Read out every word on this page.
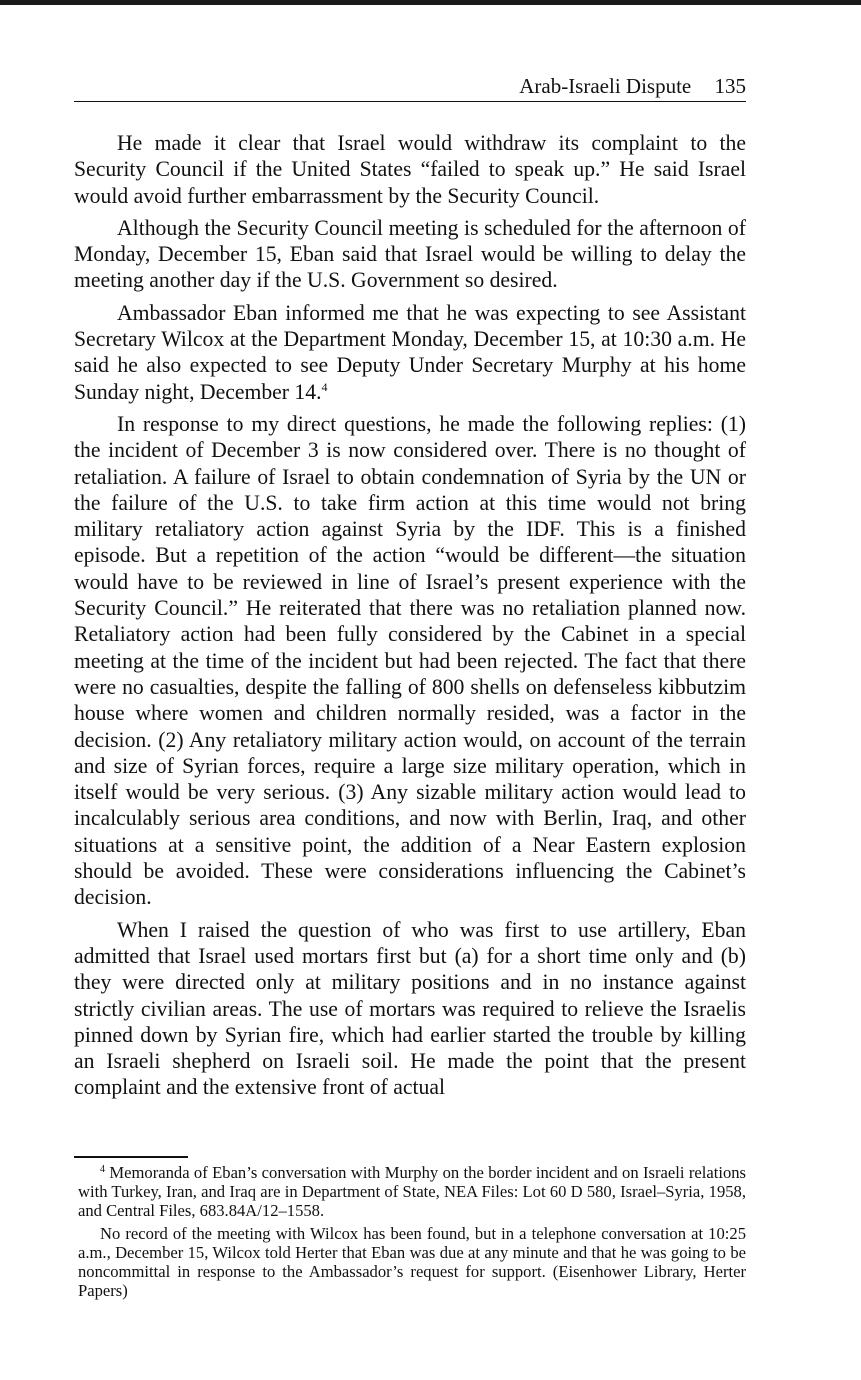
Arab-Israeli Dispute 135

He made it clear that Israel would withdraw its complaint to the Security Council if the United States “failed to speak up.” He said Israel would avoid further embarrassment by the Security Council.

Although the Security Council meeting is scheduled for the afternoon of Monday, December 15, Eban said that Israel would be willing to delay the meeting another day if the U.S. Government so desired.

Ambassador Eban informed me that he was expecting to see Assistant Secretary Wilcox at the Department Monday, December 15, at 10:30 a.m. He said he also expected to see Deputy Under Secretary Murphy at his home Sunday night, December 14.$^4$

In response to my direct questions, he made the following replies: (1) the incident of December 3 is now considered over. There is no thought of retaliation. A failure of Israel to obtain condemnation of Syria by the UN or the failure of the U.S. to take firm action at this time would not bring military retaliatory action against Syria by the IDF. This is a finished episode. But a repetition of the action “would be different—the situation would have to be reviewed in line of Israel’s present experience with the Security Council.” He reiterated that there was no retaliation planned now. Retaliatory action had been fully considered by the Cabinet in a special meeting at the time of the incident but had been rejected. The fact that there were no casualties, despite the falling of 800 shells on defenseless kibbutzim house where women and children normally resided, was a factor in the decision. (2) Any retaliatory military action would, on account of the terrain and size of Syrian forces, require a large size military operation, which in itself would be very serious. (3) Any sizable military action would lead to incalculably serious area conditions, and now with Berlin, Iraq, and other situations at a sensitive point, the addition of a Near Eastern explosion should be avoided. These were considerations influencing the Cabinet’s decision.

When I raised the question of who was first to use artillery, Eban admitted that Israel used mortars first but (a) for a short time only and (b) they were directed only at military positions and in no instance against strictly civilian areas. The use of mortars was required to relieve the Israelis pinned down by Syrian fire, which had earlier started the trouble by killing an Israeli shepherd on Israeli soil. He made the point that the present complaint and the extensive front of actual

$^4$ Memoranda of Eban’s conversation with Murphy on the border incident and on Israeli relations with Turkey, Iran, and Iraq are in Department of State, NEA Files: Lot 60 D 580, Israel–Syria, 1958, and Central Files, 683.84A/12–1558.

No record of the meeting with Wilcox has been found, but in a telephone conversation at 10:25 a.m., December 15, Wilcox told Herter that Eban was due at any minute and that he was going to be noncommittal in response to the Ambassador’s request for support. (Eisenhower Library, Herter Papers)
